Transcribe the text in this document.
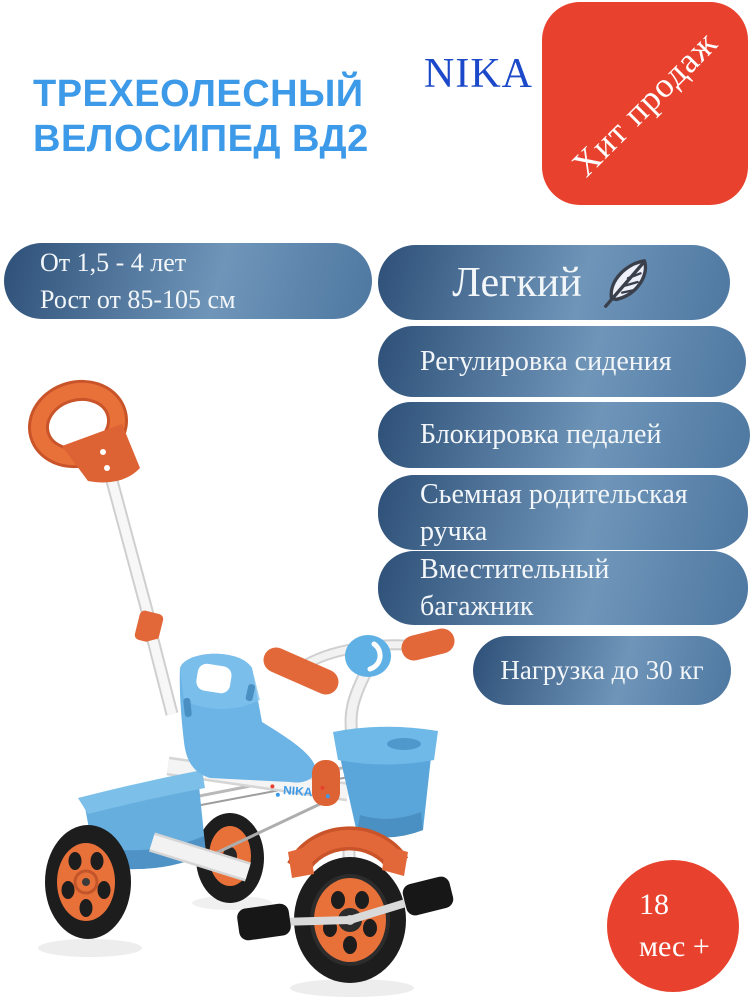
ТРЕХЕОЛЕСНЫЙ
ВЕЛОСИПЕД ВД2
NIKA Хит продаж
От 1,5 - 4 лет
Рост от 85-105 см	Легкий
Регулировка сидения
Блокировка педалей
Сьемная родительская ручка
Вместительный багажник
Нагрузка до 30 кг
18
мес +
NIKA
